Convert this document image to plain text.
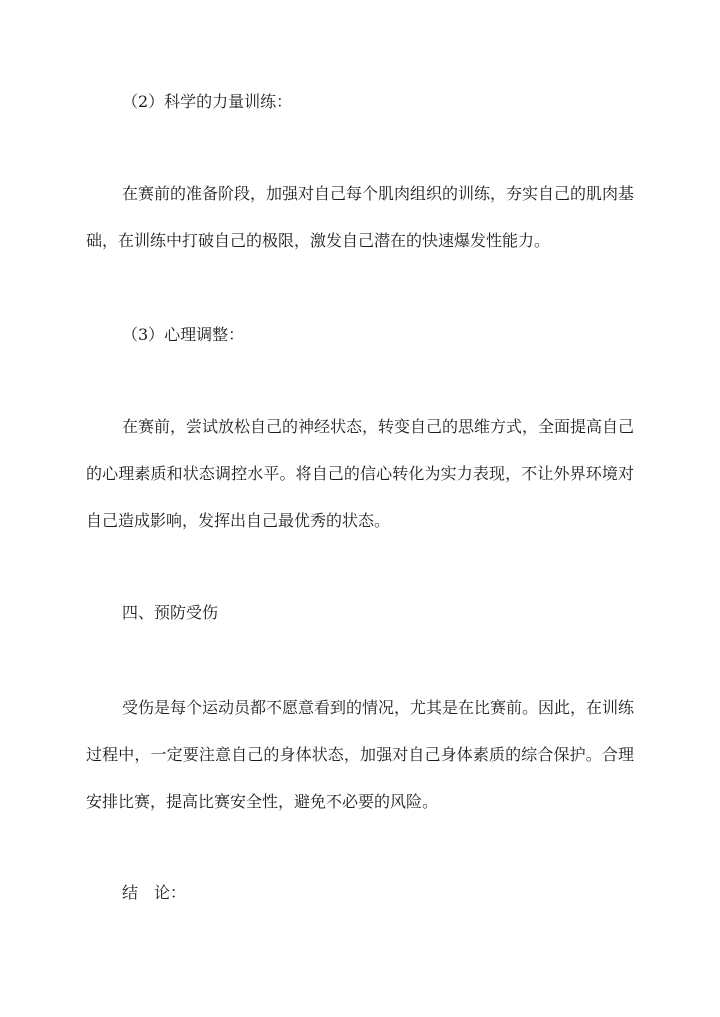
（2）科学的力量训练：

在赛前的准备阶段，加强对自己每个肌肉组织的训练，夯实自己的肌肉基础，在训练中打破自己的极限，激发自己潜在的快速爆发性能力。

（3）心理调整：

在赛前，尝试放松自己的神经状态，转变自己的思维方式，全面提高自己的心理素质和状态调控水平。将自己的信心转化为实力表现，不让外界环境对自己造成影响，发挥出自己最优秀的状态。

四、预防受伤

受伤是每个运动员都不愿意看到的情况，尤其是在比赛前。因此，在训练过程中，一定要注意自己的身体状态，加强对自己身体素质的综合保护。合理安排比赛，提高比赛安全性，避免不必要的风险。

结　论：
